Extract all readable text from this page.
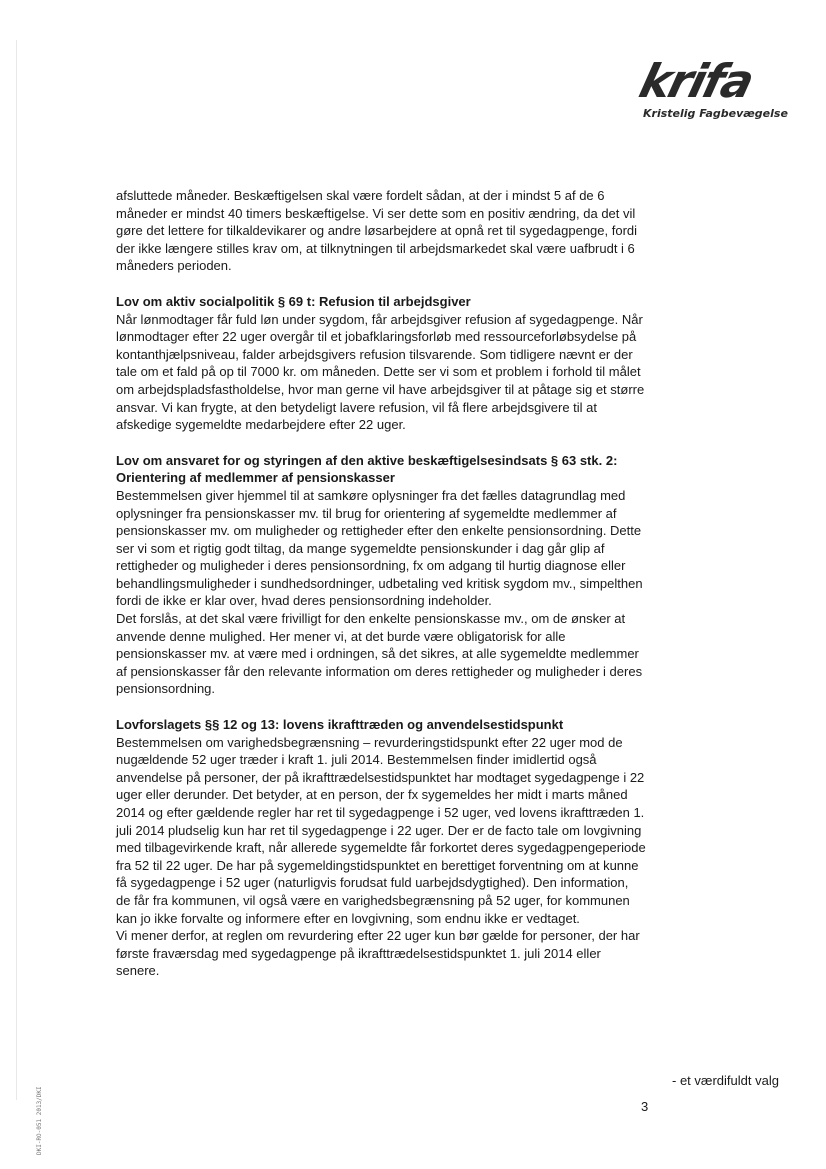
krifa
Kristelig Fagbevægelse

afsluttede måneder. Beskæftigelsen skal være fordelt sådan, at der i mindst 5 af de 6 måneder er mindst 40 timers beskæftigelse. Vi ser dette som en positiv ændring, da det vil gøre det lettere for tilkaldevikarer og andre løsarbejdere at opnå ret til sygedagpenge, fordi der ikke længere stilles krav om, at tilknytningen til arbejdsmarkedet skal være uafbrudt i 6 måneders perioden.

Lov om aktiv socialpolitik § 69 t: Refusion til arbejdsgiver

Når lønmodtager får fuld løn under sygdom, får arbejdsgiver refusion af sygedagpenge. Når lønmodtager efter 22 uger overgår til et jobafklaringsforløb med ressourceforløbsydelse på kontanthjælpsniveau, falder arbejdsgivers refusion tilsvarende. Som tidligere nævnt er der tale om et fald på op til 7000 kr. om måneden. Dette ser vi som et problem i forhold til målet om arbejdspladsfastholdelse, hvor man gerne vil have arbejdsgiver til at påtage sig et større ansvar. Vi kan frygte, at den betydeligt lavere refusion, vil få flere arbejdsgivere til at afskedige sygemeldte medarbejdere efter 22 uger.

Lov om ansvaret for og styringen af den aktive beskæftigelsesindsats § 63 stk. 2: Orientering af medlemmer af pensionskasser

Bestemmelsen giver hjemmel til at samkøre oplysninger fra det fælles datagrundlag med oplysninger fra pensionskasser mv. til brug for orientering af sygemeldte medlemmer af pensionskasser mv. om muligheder og rettigheder efter den enkelte pensionsordning. Dette ser vi som et rigtig godt tiltag, da mange sygemeldte pensionskunder i dag går glip af rettigheder og muligheder i deres pensionsordning, fx om adgang til hurtig diagnose eller behandlingsmuligheder i sundhedsordninger, udbetaling ved kritisk sygdom mv., simpelthen fordi de ikke er klar over, hvad deres pensionsordning indeholder.

Det forslås, at det skal være frivilligt for den enkelte pensionskasse mv., om de ønsker at anvende denne mulighed. Her mener vi, at det burde være obligatorisk for alle pensionskasser mv. at være med i ordningen, så det sikres, at alle sygemeldte medlemmer af pensionskasser får den relevante information om deres rettigheder og muligheder i deres pensionsordning.

Lovforslagets §§ 12 og 13: lovens ikrafttræden og anvendelsestidspunkt

Bestemmelsen om varighedsbegrænsning – revurderingstidspunkt efter 22 uger mod de nugældende 52 uger træder i kraft 1. juli 2014. Bestemmelsen finder imidlertid også anvendelse på personer, der på ikrafttrædelsestidspunktet har modtaget sygedagpenge i 22 uger eller derunder. Det betyder, at en person, der fx sygemeldes her midt i marts måned 2014 og efter gældende regler har ret til sygedagpenge i 52 uger, ved lovens ikrafttræden 1. juli 2014 pludselig kun har ret til sygedagpenge i 22 uger. Der er de facto tale om lovgivning med tilbagevirkende kraft, når allerede sygemeldte får forkortet deres sygedagpengeperiode fra 52 til 22 uger. De har på sygemeldingstidspunktet en berettiget forventning om at kunne få sygedagpenge i 52 uger (naturligvis forudsat fuld uarbejdsdygtighed). Den information, de får fra kommunen, vil også være en varighedsbegrænsning på 52 uger, for kommunen kan jo ikke forvalte og informere efter en lovgivning, som endnu ikke er vedtaget.

Vi mener derfor, at reglen om revurdering efter 22 uger kun bør gælde for personer, der har første fraværsdag med sygedagpenge på ikrafttrædelsestidspunktet 1. juli 2014 eller senere.

- et værdifuldt valg
3
DKI-RO-051 2013/DKI
